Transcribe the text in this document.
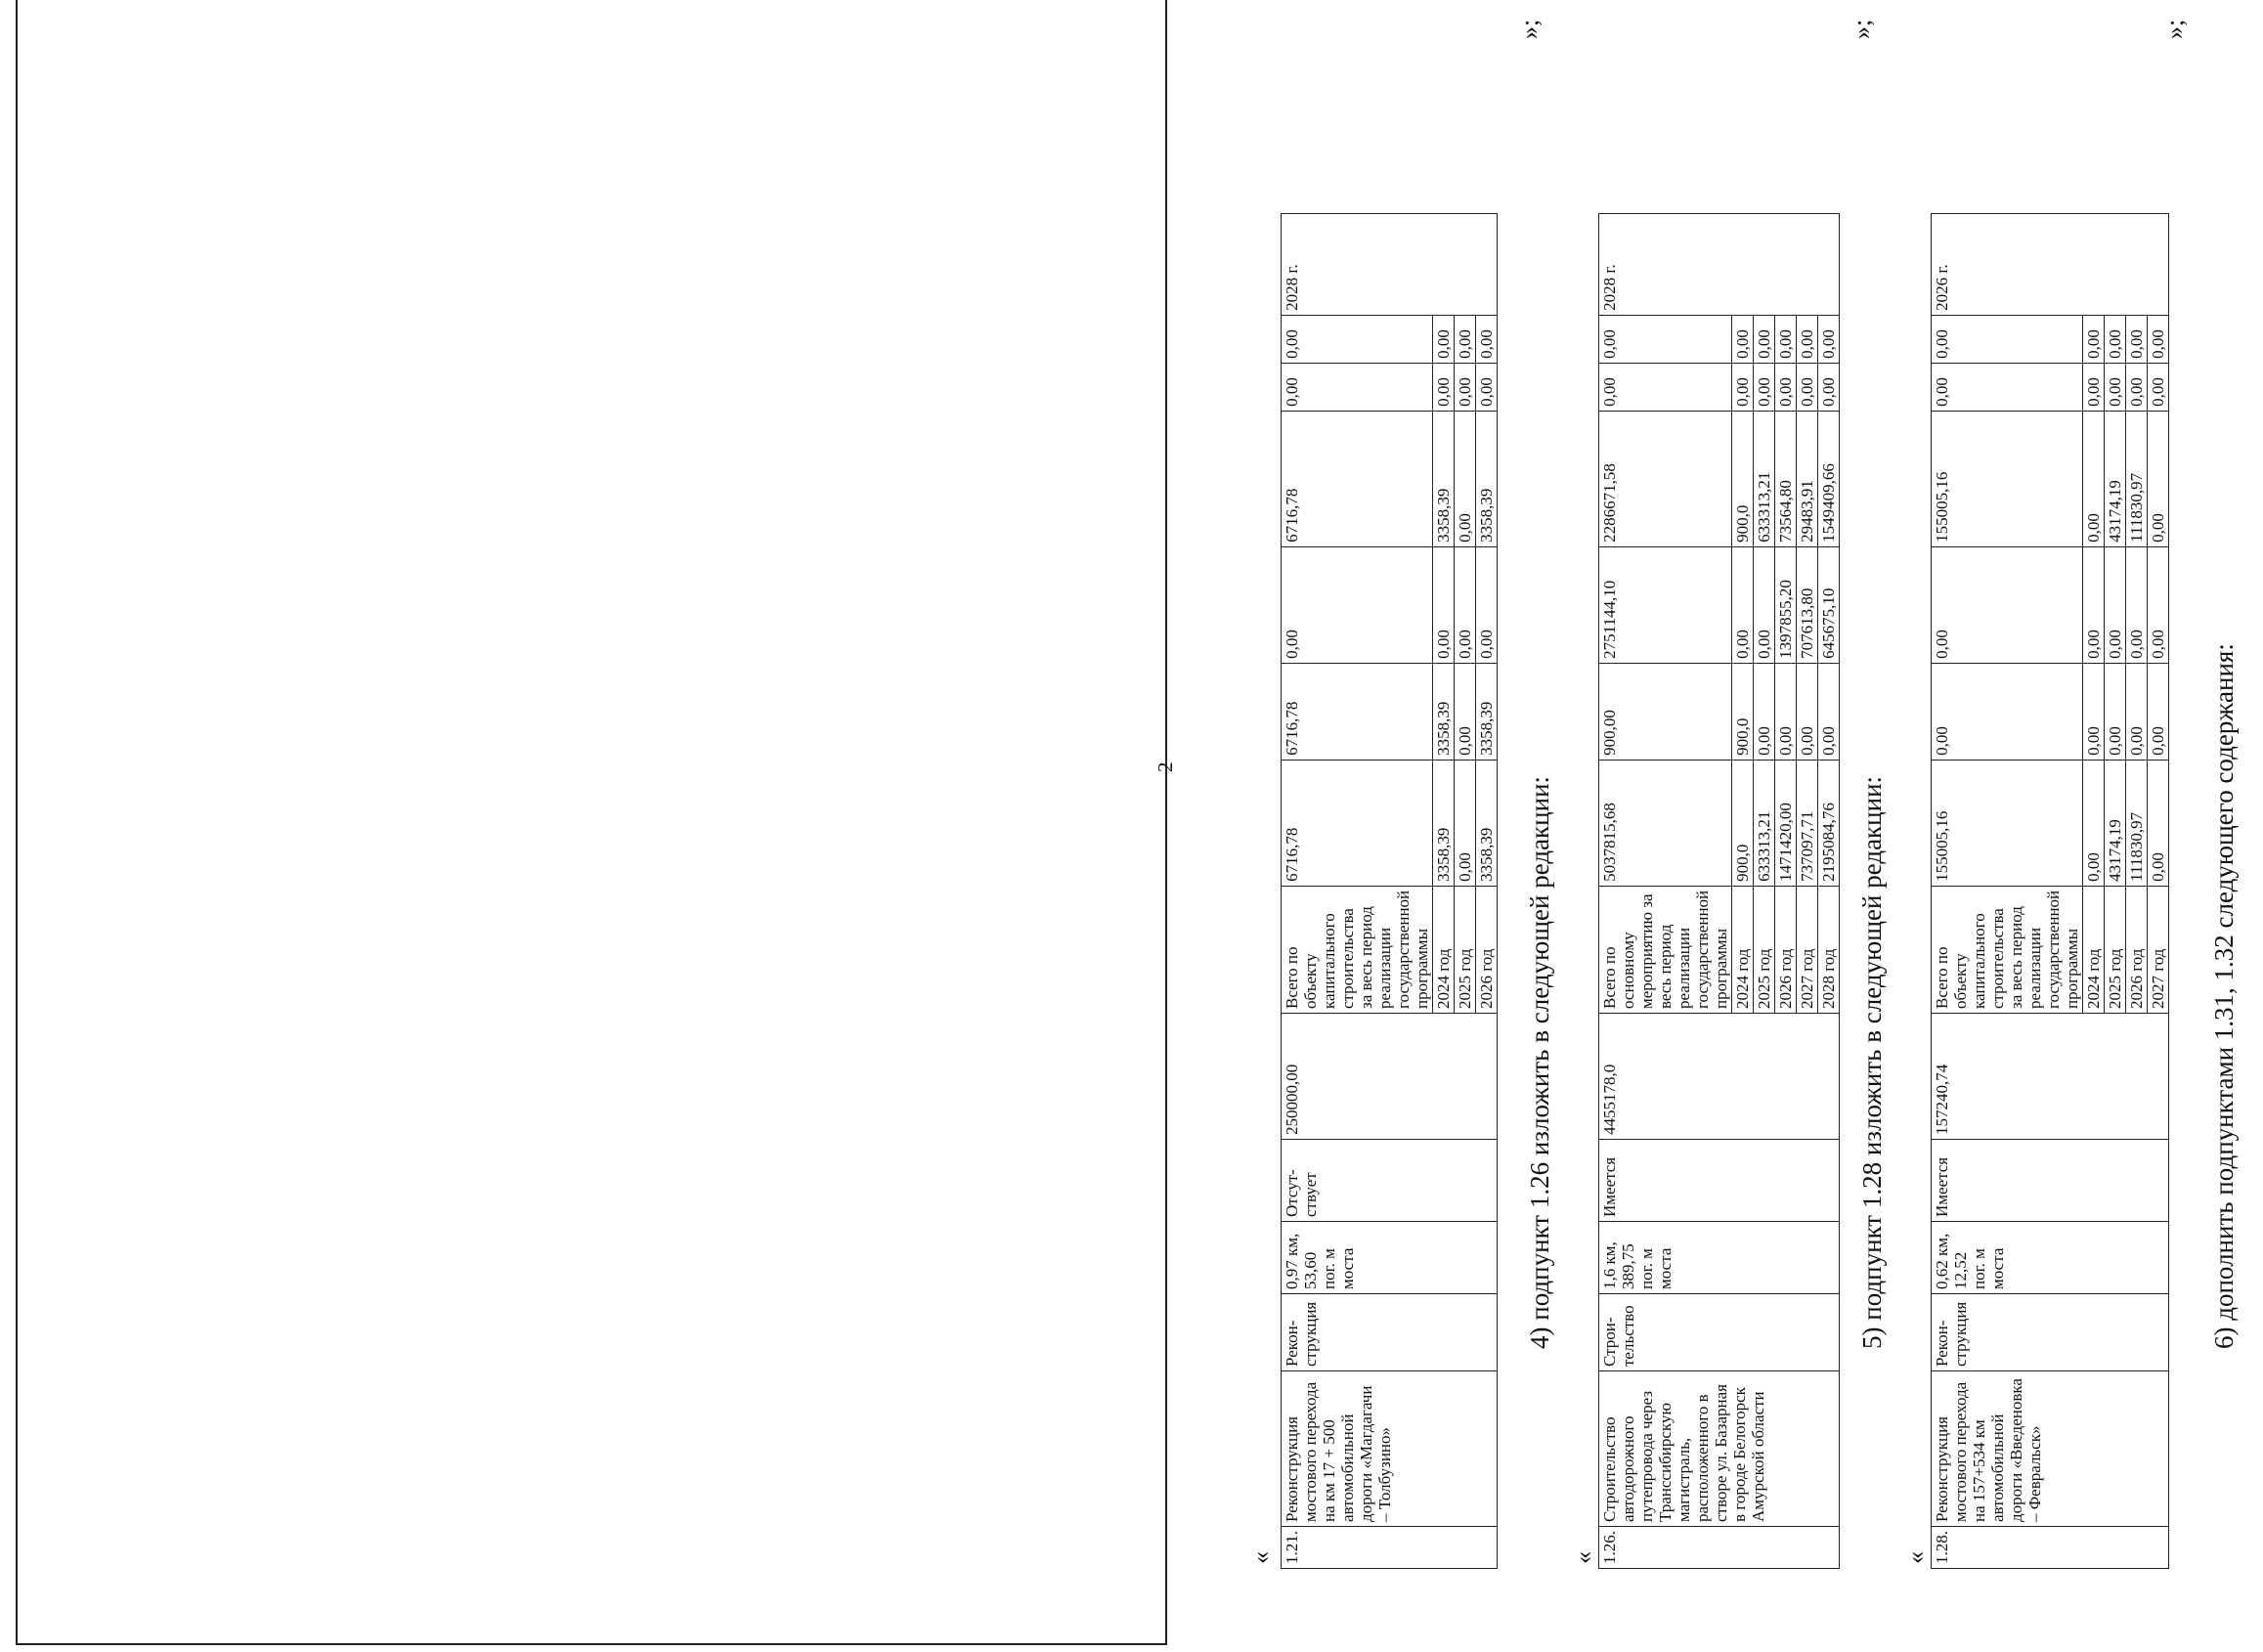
2
« 1.21.	Реконструкция мостового перехода на км 17 + 500 автомобильной дороги «Магдагачи – Толбузино»	Рекон-струкция	0,97 км, 53,60 пог. м моста	Отсут-ствует	250000,00	Всего по объекту капитального строительства за весь период реализации государственной программы	6716,78	6716,78	0,00	6716,78	0,00	0,00	2028 г.
						2024 год	3358,39	3358,39	0,00	3358,39	0,00	0,00	
						2025 год	0,00	0,00	0,00	0,00	0,00	0,00	
						2026 год	3358,39	3358,39	0,00	3358,39	0,00	0,00	
»;
4) подпункт 1.26 изложить в следующей редакции:
« 1.26.	Строительство автодорожного путепровода через Транссибирскую магистраль, расположенного в створе ул. Базарная в городе Белогорск Амурской области	Строи-тельство	1,6 км, 389,75 пог. м моста	Имеется	4455178,0	Всего по основному мероприятию за весь период реализации государственной программы	5037815,68	900,00	2751144,10	2286671,58	0,00	0,00	2028 г.
						2024 год	900,0	900,0	0,00	900,0	0,00	0,00	
						2025 год	633313,21	0,00	0,00	633313,21	0,00	0,00	
						2026 год	1471420,00	0,00	1397855,20	73564,80	0,00	0,00	
						2027 год	737097,71	0,00	707613,80	29483,91	0,00	0,00	
						2028 год	2195084,76	0,00	645675,10	1549409,66	0,00	0,00	
»;
5) подпункт 1.28 изложить в следующей редакции:
« 1.28.	Реконструкция мостового перехода на 157+534 км автомобильной дороги «Введеновка – Февральск»	Рекон-струкция	0,62 км, 12,52 пог. м моста	Имеется	157240,74	Всего по объекту капитального строительства за весь период реализации государственной программы	155005,16	0,00	0,00	155005,16	0,00	0,00	2026 г.
						2024 год	0,00	0,00	0,00	0,00	0,00	0,00	
						2025 год	43174,19	0,00	0,00	43174,19	0,00	0,00	
						2026 год	111830,97	0,00	0,00	111830,97	0,00	0,00	
						2027 год	0,00	0,00	0,00	0,00	0,00	0,00	
»;
6) дополнить подпунктами 1.31, 1.32 следующего содержания:
